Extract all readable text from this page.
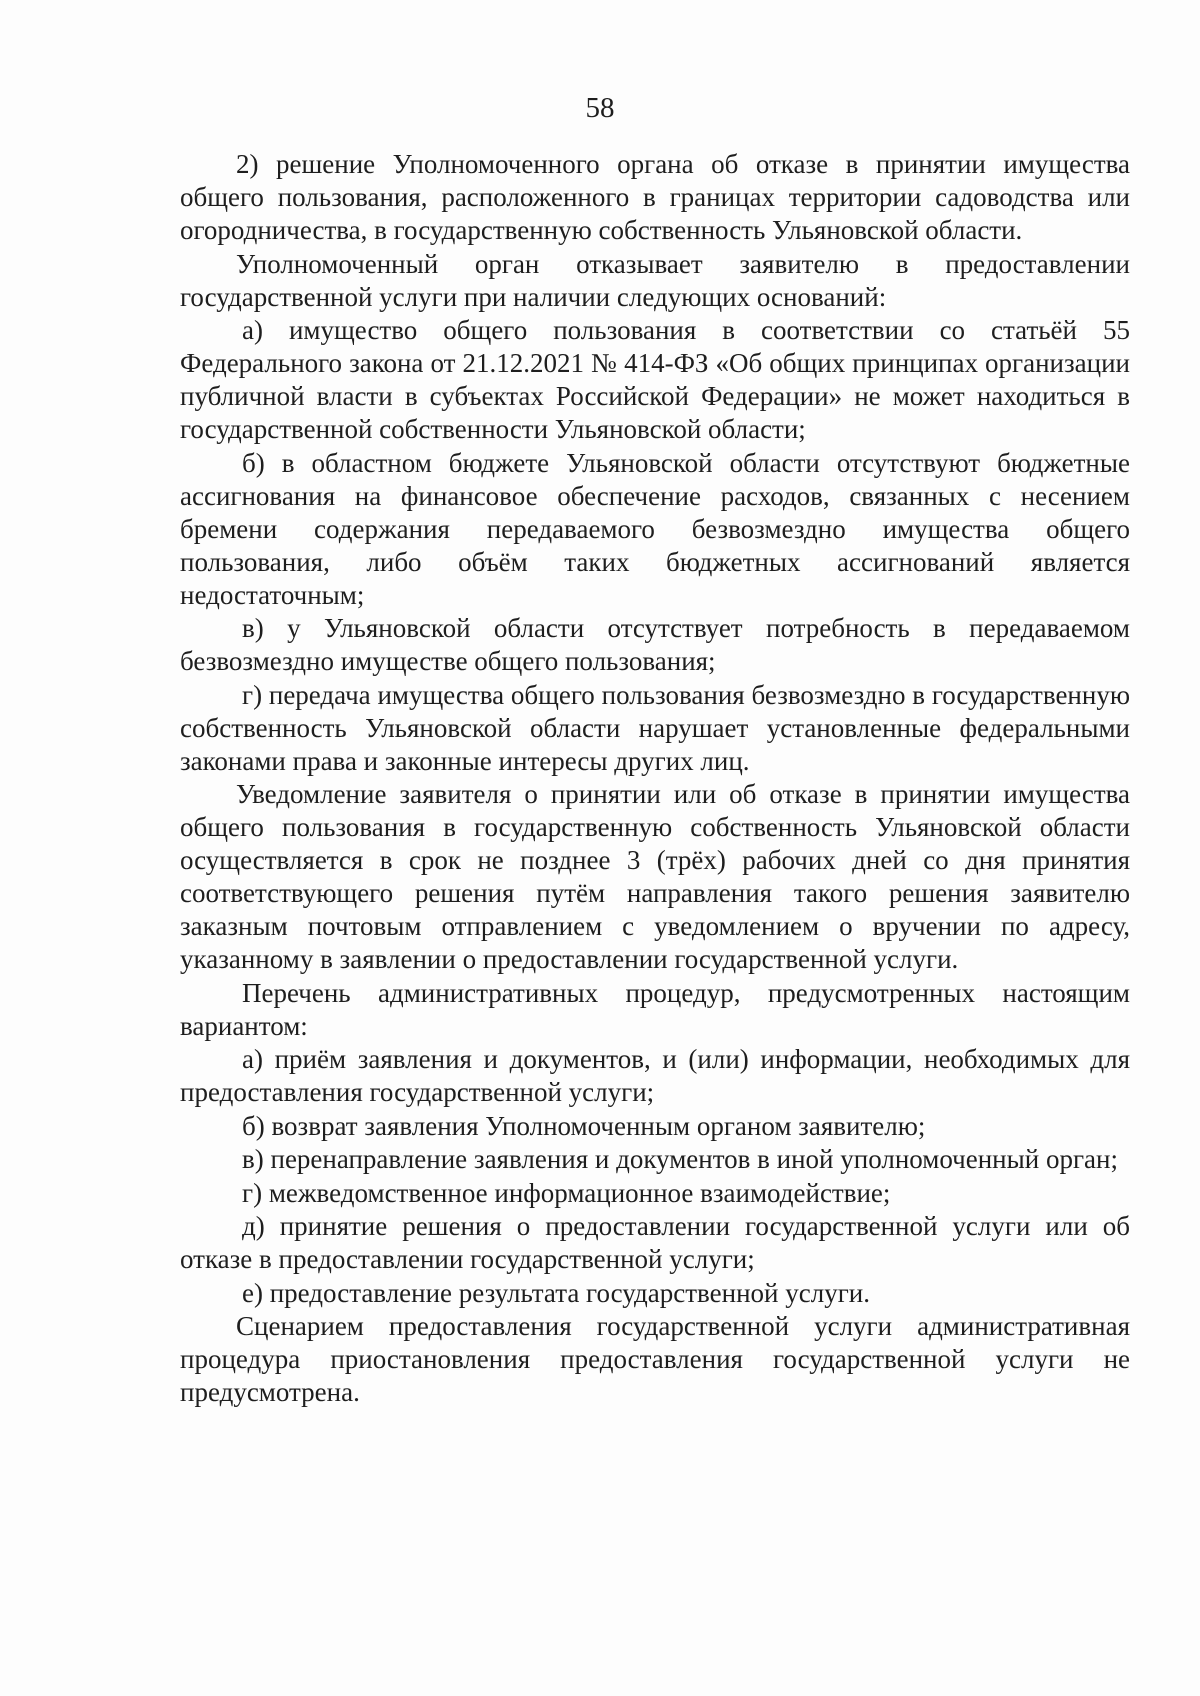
58

2) решение Уполномоченного органа об отказе в принятии имущества общего пользования, расположенного в границах территории садоводства или огородничества, в государственную собственность Ульяновской области.

Уполномоченный орган отказывает заявителю в предоставлении государственной услуги при наличии следующих оснований:

а) имущество общего пользования в соответствии со статьёй 55 Федерального закона от 21.12.2021 № 414-ФЗ «Об общих принципах организации публичной власти в субъектах Российской Федерации» не может находиться в государственной собственности Ульяновской области;

б) в областном бюджете Ульяновской области отсутствуют бюджетные ассигнования на финансовое обеспечение расходов, связанных с несением бремени содержания передаваемого безвозмездно имущества общего пользования, либо объём таких бюджетных ассигнований является недостаточным;

в) у Ульяновской области отсутствует потребность в передаваемом безвозмездно имуществе общего пользования;

г) передача имущества общего пользования безвозмездно в государственную собственность Ульяновской области нарушает установленные федеральными законами права и законные интересы других лиц.

Уведомление заявителя о принятии или об отказе в принятии имущества общего пользования в государственную собственность Ульяновской области осуществляется в срок не позднее 3 (трёх) рабочих дней со дня принятия соответствующего решения путём направления такого решения заявителю заказным почтовым отправлением с уведомлением о вручении по адресу, указанному в заявлении о предоставлении государственной услуги.

Перечень административных процедур, предусмотренных настоящим вариантом:

а) приём заявления и документов, и (или) информации, необходимых для предоставления государственной услуги;

б) возврат заявления Уполномоченным органом заявителю;

в) перенаправление заявления и документов в иной уполномоченный орган;

г) межведомственное информационное взаимодействие;

д) принятие решения о предоставлении государственной услуги или об отказе в предоставлении государственной услуги;

е) предоставление результата государственной услуги.

Сценарием предоставления государственной услуги административная процедура приостановления предоставления государственной услуги не предусмотрена.
